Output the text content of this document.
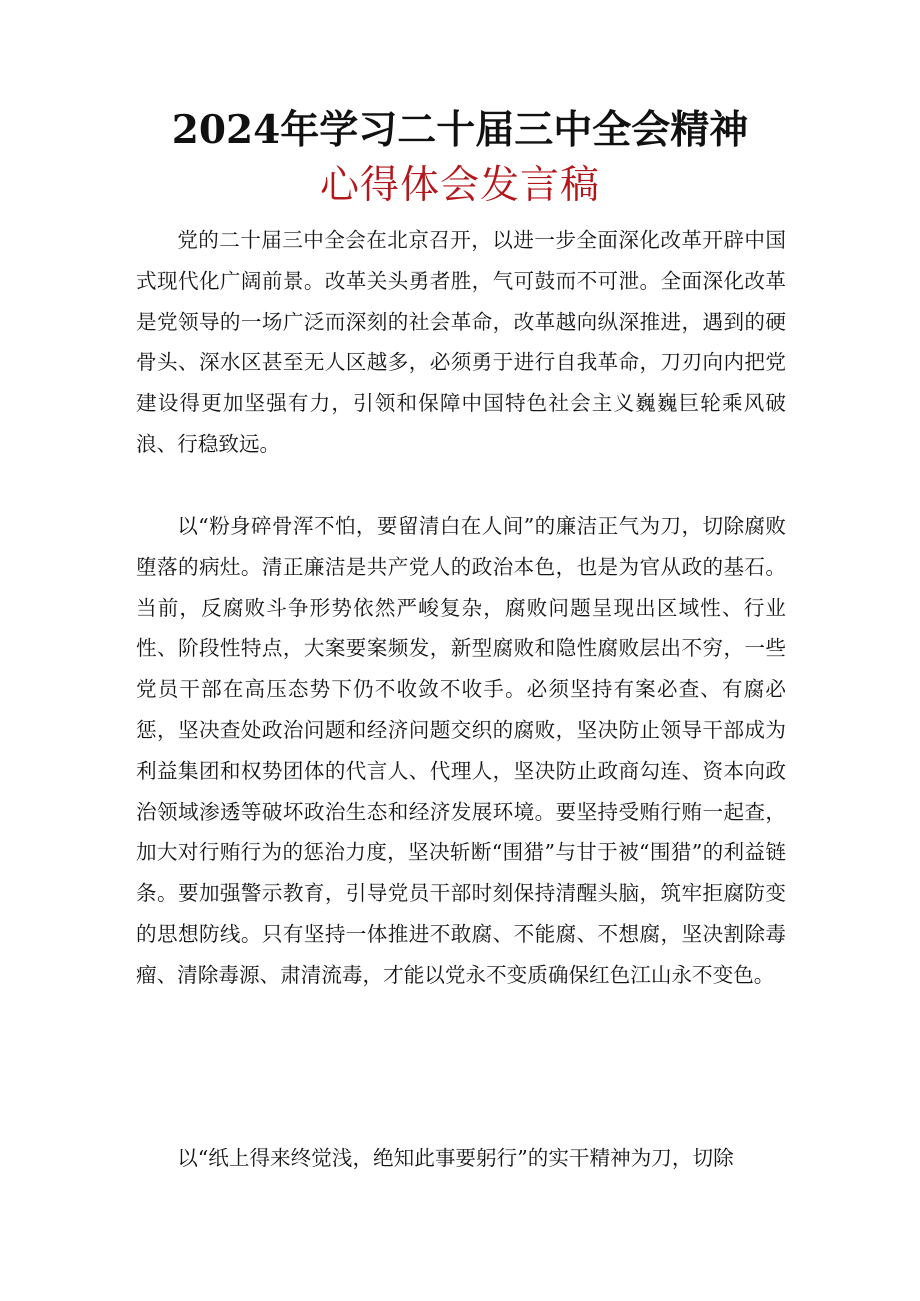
2024年学习二十届三中全会精神
心得体会发言稿

党的二十届三中全会在北京召开，以进一步全面深化改革开辟中国式现代化广阔前景。改革关头勇者胜，气可鼓而不可泄。全面深化改革是党领导的一场广泛而深刻的社会革命，改革越向纵深推进，遇到的硬骨头、深水区甚至无人区越多，必须勇于进行自我革命，刀刃向内把党建设得更加坚强有力，引领和保障中国特色社会主义巍巍巨轮乘风破浪、行稳致远。

以“粉身碎骨浑不怕，要留清白在人间”的廉洁正气为刀，切除腐败堕落的病灶。清正廉洁是共产党人的政治本色，也是为官从政的基石。当前，反腐败斗争形势依然严峻复杂，腐败问题呈现出区域性、行业性、阶段性特点，大案要案频发，新型腐败和隐性腐败层出不穷，一些党员干部在高压态势下仍不收敛不收手。必须坚持有案必查、有腐必惩，坚决查处政治问题和经济问题交织的腐败，坚决防止领导干部成为利益集团和权势团体的代言人、代理人，坚决防止政商勾连、资本向政治领域渗透等破坏政治生态和经济发展环境。要坚持受贿行贿一起查，加大对行贿行为的惩治力度，坚决斩断“围猎”与甘于被“围猎”的利益链条。要加强警示教育，引导党员干部时刻保持清醒头脑，筑牢拒腐防变的思想防线。只有坚持一体推进不敢腐、不能腐、不想腐，坚决割除毒瘤、清除毒源、肃清流毒，才能以党永不变质确保红色江山永不变色。

以“纸上得来终觉浅，绝知此事要躬行”的实干精神为刀，切除
